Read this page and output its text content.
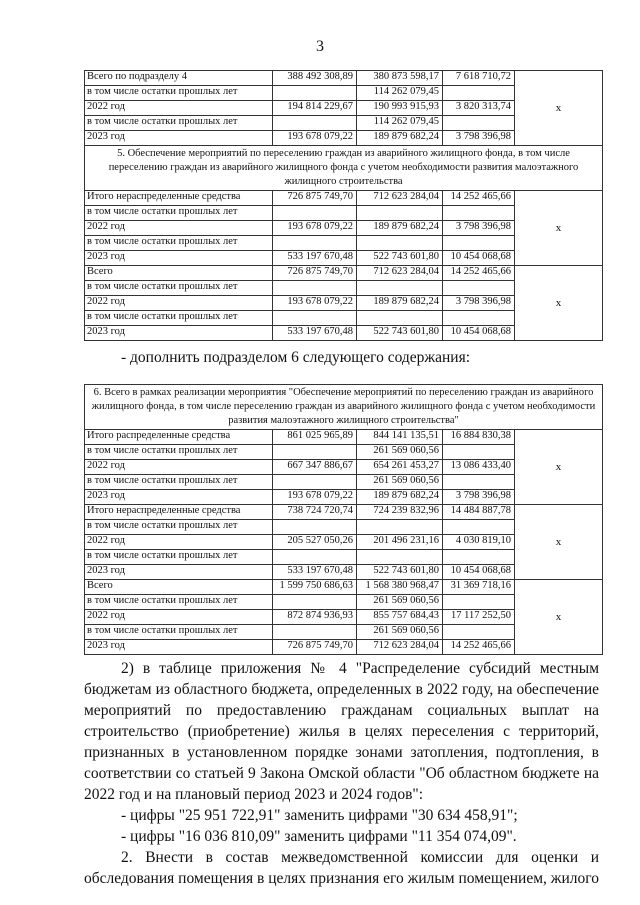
3
Всего по подразделу 4	388 492 308,89	380 873 598,17	7 618 710,72	x
в том числе остатки прошлых лет		114 262 079,45		
2022 год	194 814 229,67	190 993 915,93	3 820 313,74	
в том числе остатки прошлых лет		114 262 079,45		
2023 год	193 678 079,22	189 879 682,24	3 798 396,98	
5. Обеспечение мероприятий по переселению граждан из аварийного жилищного фонда, в том числе переселению граждан из аварийного жилищного фонда с учетом необходимости развития малоэтажного жилищного строительства				
Итого нераспределенные средства	726 875 749,70	712 623 284,04	14 252 465,66	x
в том числе остатки прошлых лет				
2022 год	193 678 079,22	189 879 682,24	3 798 396,98	
в том числе остатки прошлых лет				
2023 год	533 197 670,48	522 743 601,80	10 454 068,68	
Всего	726 875 749,70	712 623 284,04	14 252 465,66	x
в том числе остатки прошлых лет				
2022 год	193 678 079,22	189 879 682,24	3 798 396,98	
в том числе остатки прошлых лет				
2023 год	533 197 670,48	522 743 601,80	10 454 068,68	
- дополнить подразделом 6 следующего содержания:
6. Всего в рамках реализации мероприятия "Обеспечение мероприятий по переселению граждан из аварийного жилищного фонда, в том числе переселению граждан из аварийного жилищного фонда с учетом необходимости развития малоэтажного жилищного строительства"				
Итого распределенные средства	861 025 965,89	844 141 135,51	16 884 830,38	x
в том числе остатки прошлых лет		261 569 060,56		
2022 год	667 347 886,67	654 261 453,27	13 086 433,40	
в том числе остатки прошлых лет		261 569 060,56		
2023 год	193 678 079,22	189 879 682,24	3 798 396,98	
Итого нераспределенные средства	738 724 720,74	724 239 832,96	14 484 887,78	x
в том числе остатки прошлых лет				
2022 год	205 527 050,26	201 496 231,16	4 030 819,10	
в том числе остатки прошлых лет				
2023 год	533 197 670,48	522 743 601,80	10 454 068,68	
Всего	1 599 750 686,63	1 568 380 968,47	31 369 718,16	x
в том числе остатки прошлых лет		261 569 060,56		
2022 год	872 874 936,93	855 757 684,43	17 117 252,50	
в том числе остатки прошлых лет		261 569 060,56		
2023 год	726 875 749,70	712 623 284,04	14 252 465,66	
2) в таблице приложения № 4 "Распределение субсидий местным
бюджетам из областного бюджета, определенных в 2022 году, на обеспечение
мероприятий по предоставлению гражданам социальных выплат на
строительство (приобретение) жилья в целях переселения с территорий,
признанных в установленном порядке зонами затопления, подтопления, в
соответствии со статьей 9 Закона Омской области "Об областном бюджете на
2022 год и на плановый период 2023 и 2024 годов":
- цифры "25 951 722,91" заменить цифрами "30 634 458,91";
- цифры "16 036 810,09" заменить цифрами "11 354 074,09".
2. Внести в состав межведомственной комиссии для оценки и
обследования помещения в целях признания его жилым помещением, жилого
